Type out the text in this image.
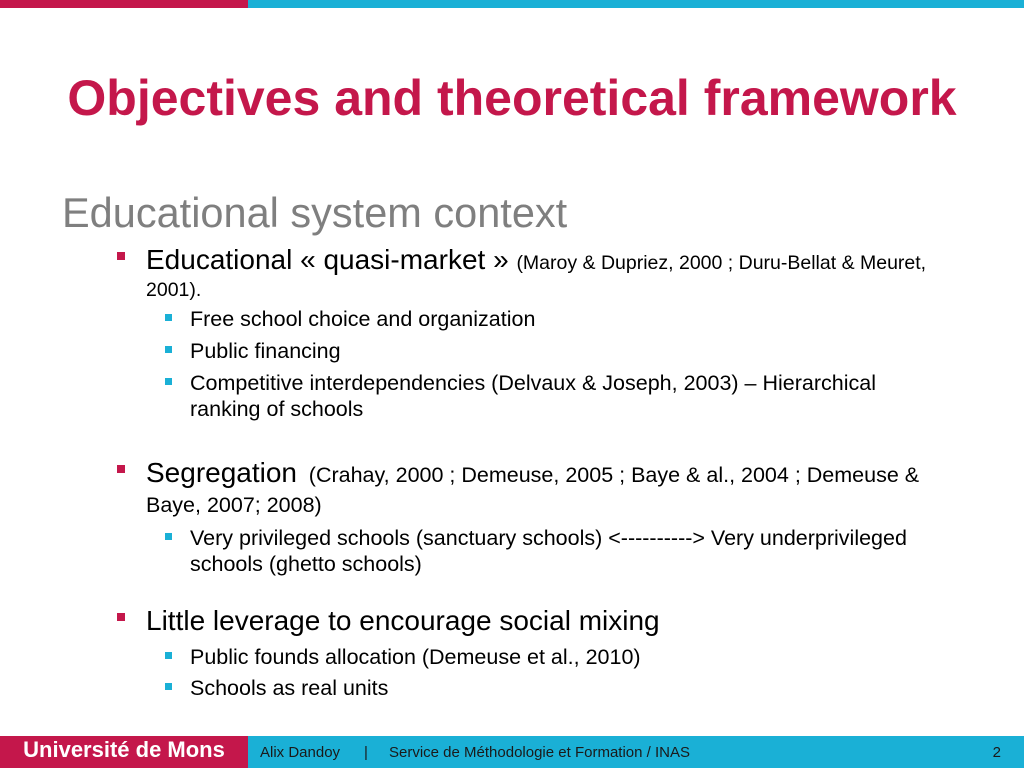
Objectives and theoretical framework
Educational system context
Educational « quasi-market » (Maroy & Dupriez, 2000 ; Duru-Bellat & Meuret, 2001).
Free school choice and organization
Public financing
Competitive interdependencies (Delvaux & Joseph, 2003) – Hierarchical ranking of schools
Segregation (Crahay, 2000 ; Demeuse, 2005 ; Baye & al., 2004 ; Demeuse & Baye, 2007; 2008)
Very privileged schools (sanctuary schools) <----------> Very underprivileged schools (ghetto schools)
Little leverage to encourage social mixing
Public founds allocation (Demeuse et al., 2010)
Schools as real units
Université de Mons	Alix Dandoy | Service de Méthodologie et Formation / INAS	2
